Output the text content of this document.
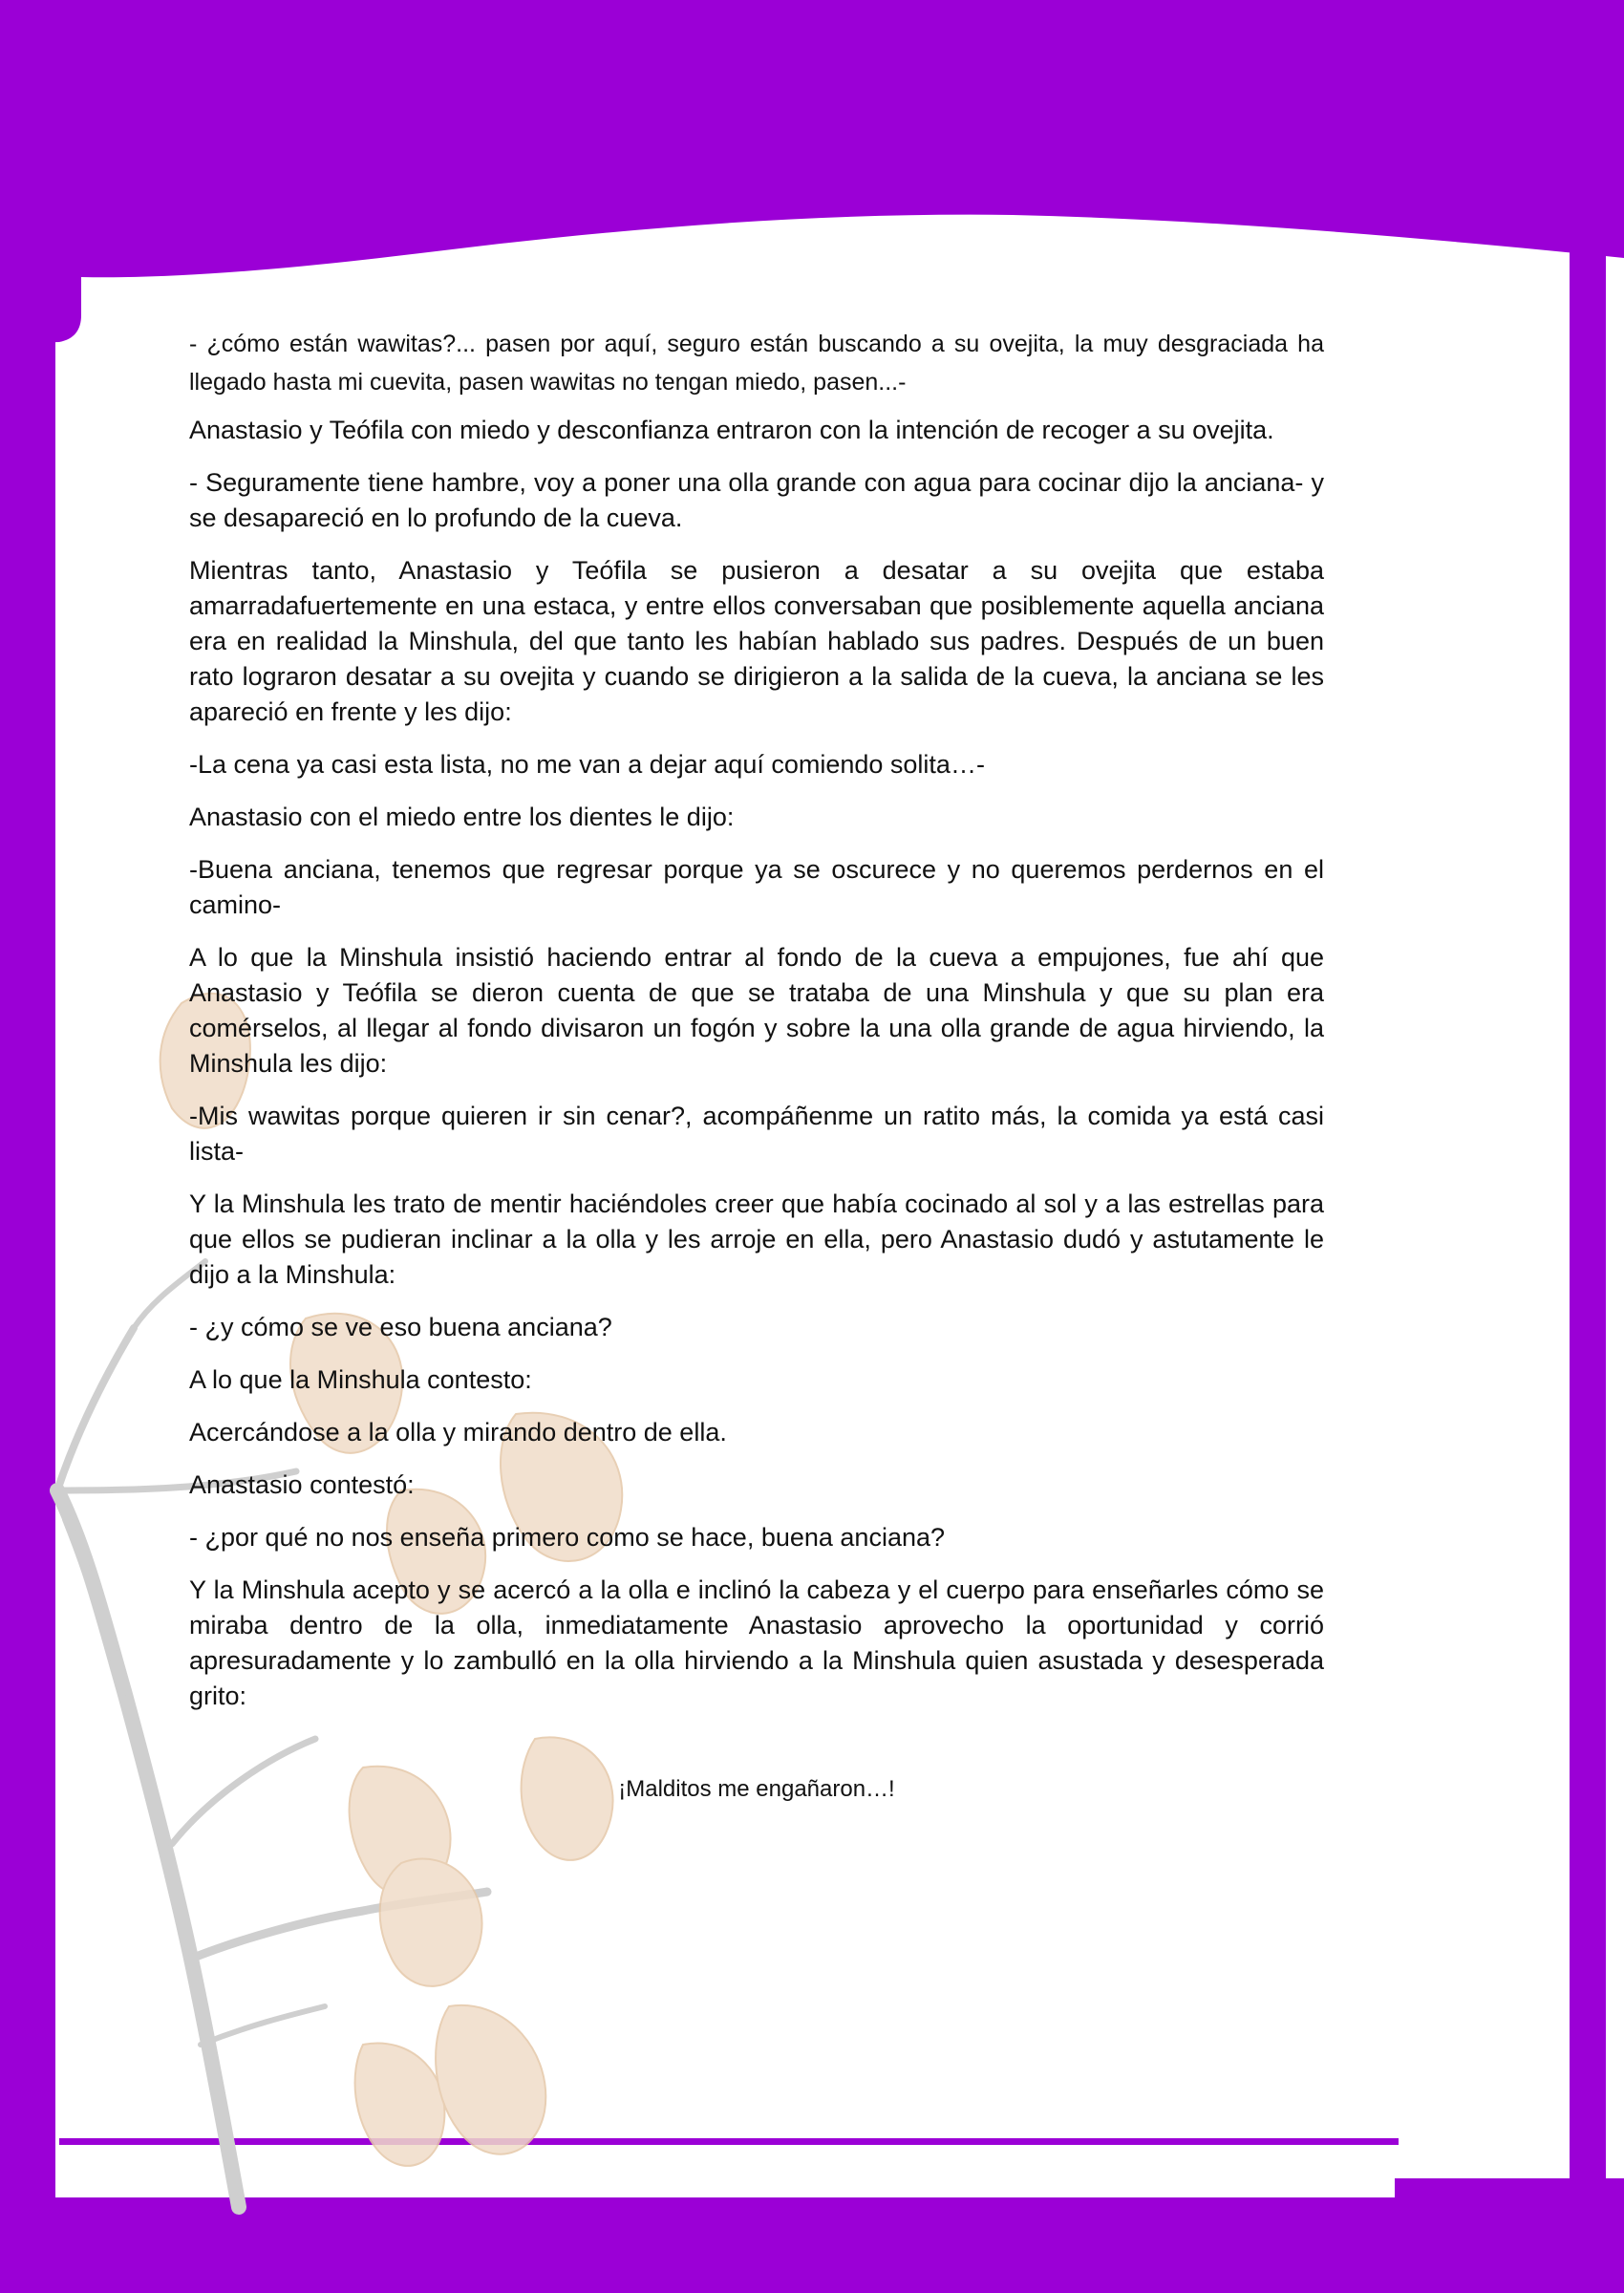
- ¿cómo están wawitas?... pasen por aquí, seguro están buscando a su ovejita, la muy desgraciada ha llegado hasta mi cuevita, pasen wawitas no tengan miedo, pasen...-

Anastasio y Teófila con miedo y desconfianza entraron con la intención de recoger a su ovejita.

- Seguramente tiene hambre, voy a poner una olla grande con agua para cocinar dijo la anciana- y se desapareció en lo profundo de la cueva.

Mientras tanto, Anastasio y Teófila se pusieron a desatar a su ovejita que estaba amarradafuertemente en una estaca, y entre ellos conversaban que posiblemente aquella anciana era en realidad la Minshula, del que tanto les habían hablado sus padres. Después de un buen rato lograron desatar a su ovejita y cuando se dirigieron a la salida de la cueva, la anciana se les apareció en frente y les dijo:

-La cena ya casi esta lista, no me van a dejar aquí comiendo solita…-

Anastasio con el miedo entre los dientes le dijo:

-Buena anciana, tenemos que regresar porque ya se oscurece y no queremos perdernos en el camino-

A lo que la Minshula insistió haciendo entrar al fondo de la cueva a empujones, fue ahí que Anastasio y Teófila se dieron cuenta de que se trataba de una Minshula y que su plan era comérselos, al llegar al fondo divisaron un fogón y sobre la una olla grande de agua hirviendo, la Minshula les dijo:

-Mis wawitas porque quieren ir sin cenar?, acompáñenme un ratito más, la comida ya está casi lista-

Y la Minshula les trato de mentir haciéndoles creer que había cocinado al sol y a las estrellas para que ellos se pudieran inclinar a la olla y les arroje en ella, pero Anastasio dudó y astutamente le dijo a la Minshula:

- ¿y cómo se ve eso buena anciana?

A lo que la Minshula contesto:

Acercándose a la olla y mirando dentro de ella.

Anastasio contestó:

- ¿por qué no nos enseña primero como se hace, buena anciana?

Y la Minshula acepto y se acercó a la olla e inclinó la cabeza y el cuerpo para enseñarles cómo se miraba dentro de la olla, inmediatamente Anastasio aprovecho la oportunidad y corrió apresuradamente y lo zambulló en la olla hirviendo a la Minshula quien asustada y desesperada grito:

¡Malditos me engañaron…!
